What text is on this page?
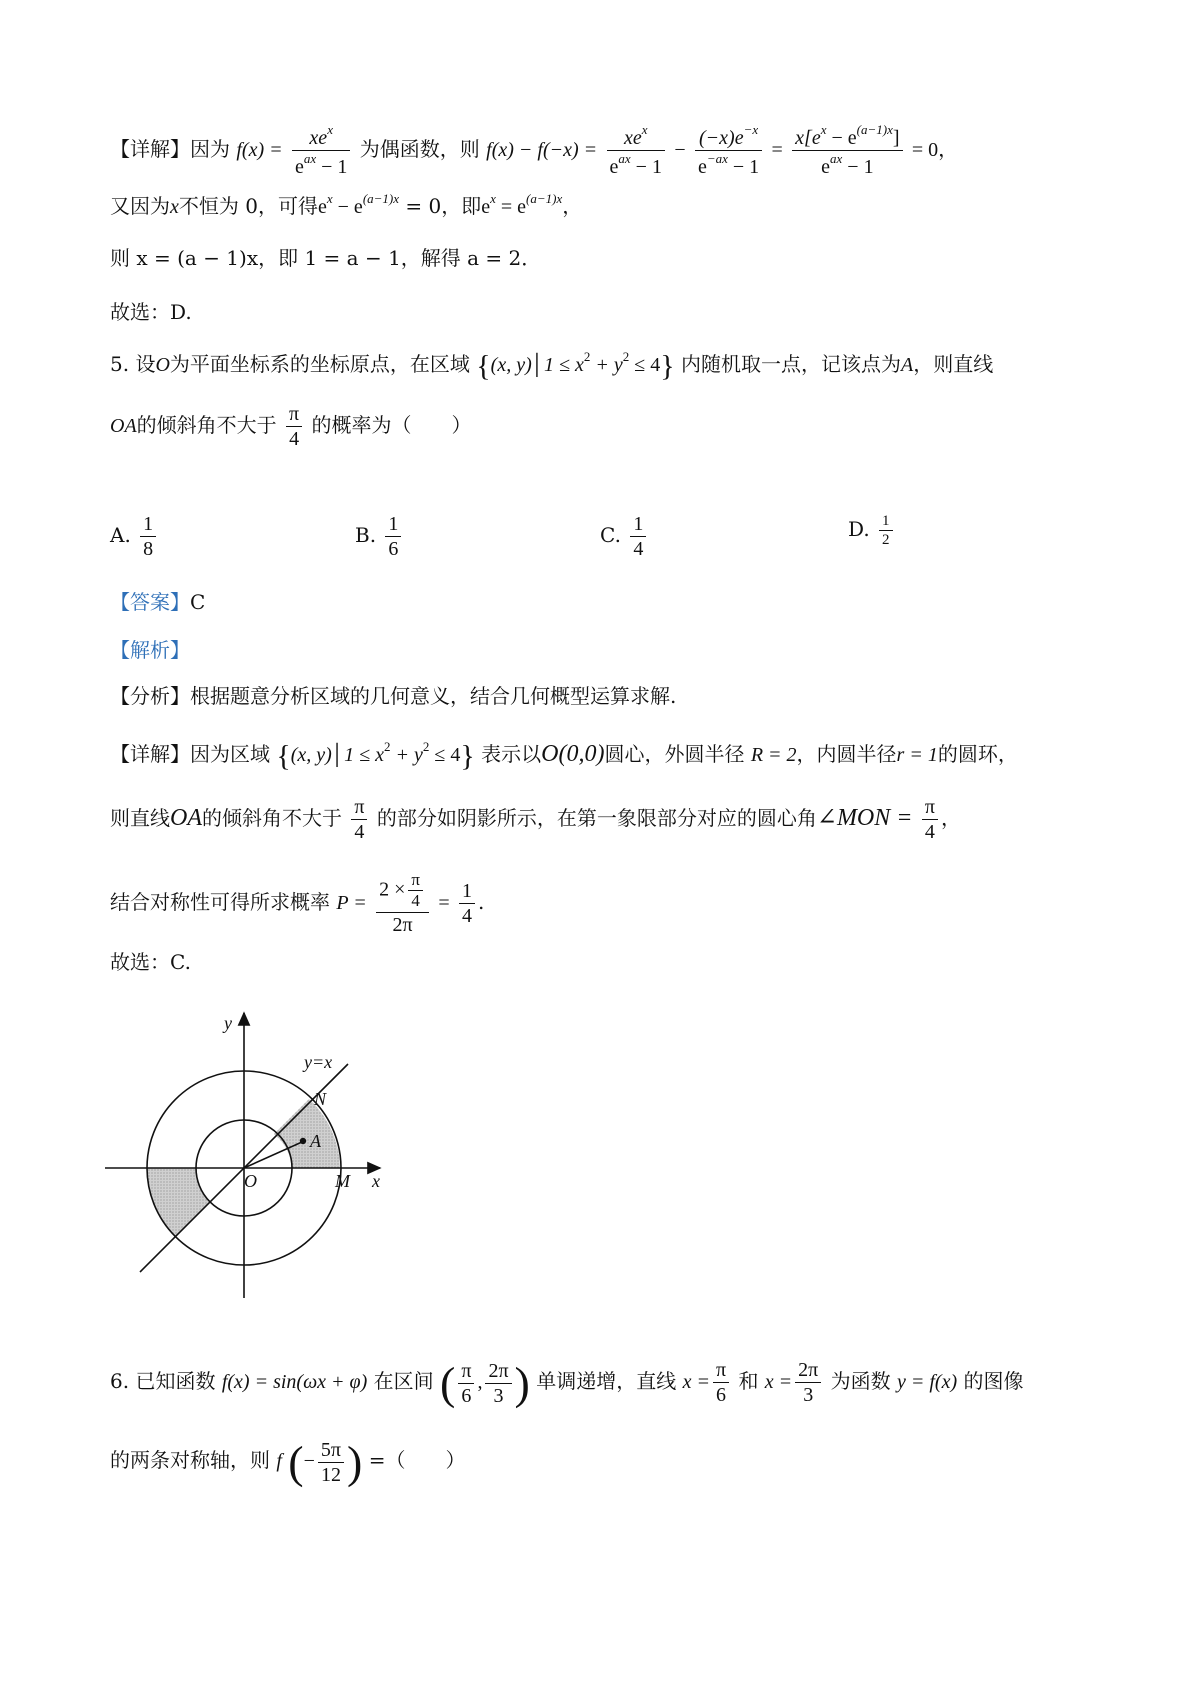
【详解】因为 $f(x) = \frac{xe^x}{e^{ax} - 1}$ 为偶函数，则 $f(x) - f(-x) = \frac{xe^x}{e^{ax} - 1} - \frac{(-x)e^{-x}}{e^{-ax} - 1} = \frac{x[e^x - e^{(a-1)x}]}{e^{ax} - 1} = 0$，
又因为x不恒为 0，可得$e^x - e^{(a-1)x} = 0$，即$e^x = e^{(a-1)x}$，
则 x = (a − 1)x，即 1 = a − 1，解得 a = 2．
故选：D.
5. 设O为平面坐标系的坐标原点，在区域 {(x, y)│1 ≤ $x^2 + y^2 \le 4$} 内随机取一点，记该点为A，则直线
OA的倾斜角不大于 $\frac{\pi}{4}$ 的概率为（　　）
A. $\frac{1}{8}$	B. $\frac{1}{6}$	C. $\frac{1}{4}$	D. $\frac{1}{2}$
【答案】C
【解析】
【分析】根据题意分析区域的几何意义，结合几何概型运算求解.
【详解】因为区域 {(x, y)│1 ≤ $x^2 + y^2 \le 4$} 表示以O(0,0)圆心，外圆半径 R = 2，内圆半径r = 1的圆环，
则直线OA的倾斜角不大于 $\frac{\pi}{4}$ 的部分如阴影所示，在第一象限部分对应的圆心角∠MON = $\frac{\pi}{4}$ ，
结合对称性可得所求概率 $P = \frac{2 \times \frac{\pi}{4}}{2\pi} = \frac{1}{4}$ .
故选：C.
y
x
y=x
N
A
O	M
6. 已知函数 f(x) = sin(ωx + φ) 在区间 ( $\frac{\pi}{6}$ , $\frac{2\pi}{3}$ ) 单调递增，直线 $x = \frac{\pi}{6}$ 和 $x = \frac{2\pi}{3}$ 为函数 y = f(x) 的图像
的两条对称轴，则 f (− $\frac{5\pi}{12}$ ) =（　　）
